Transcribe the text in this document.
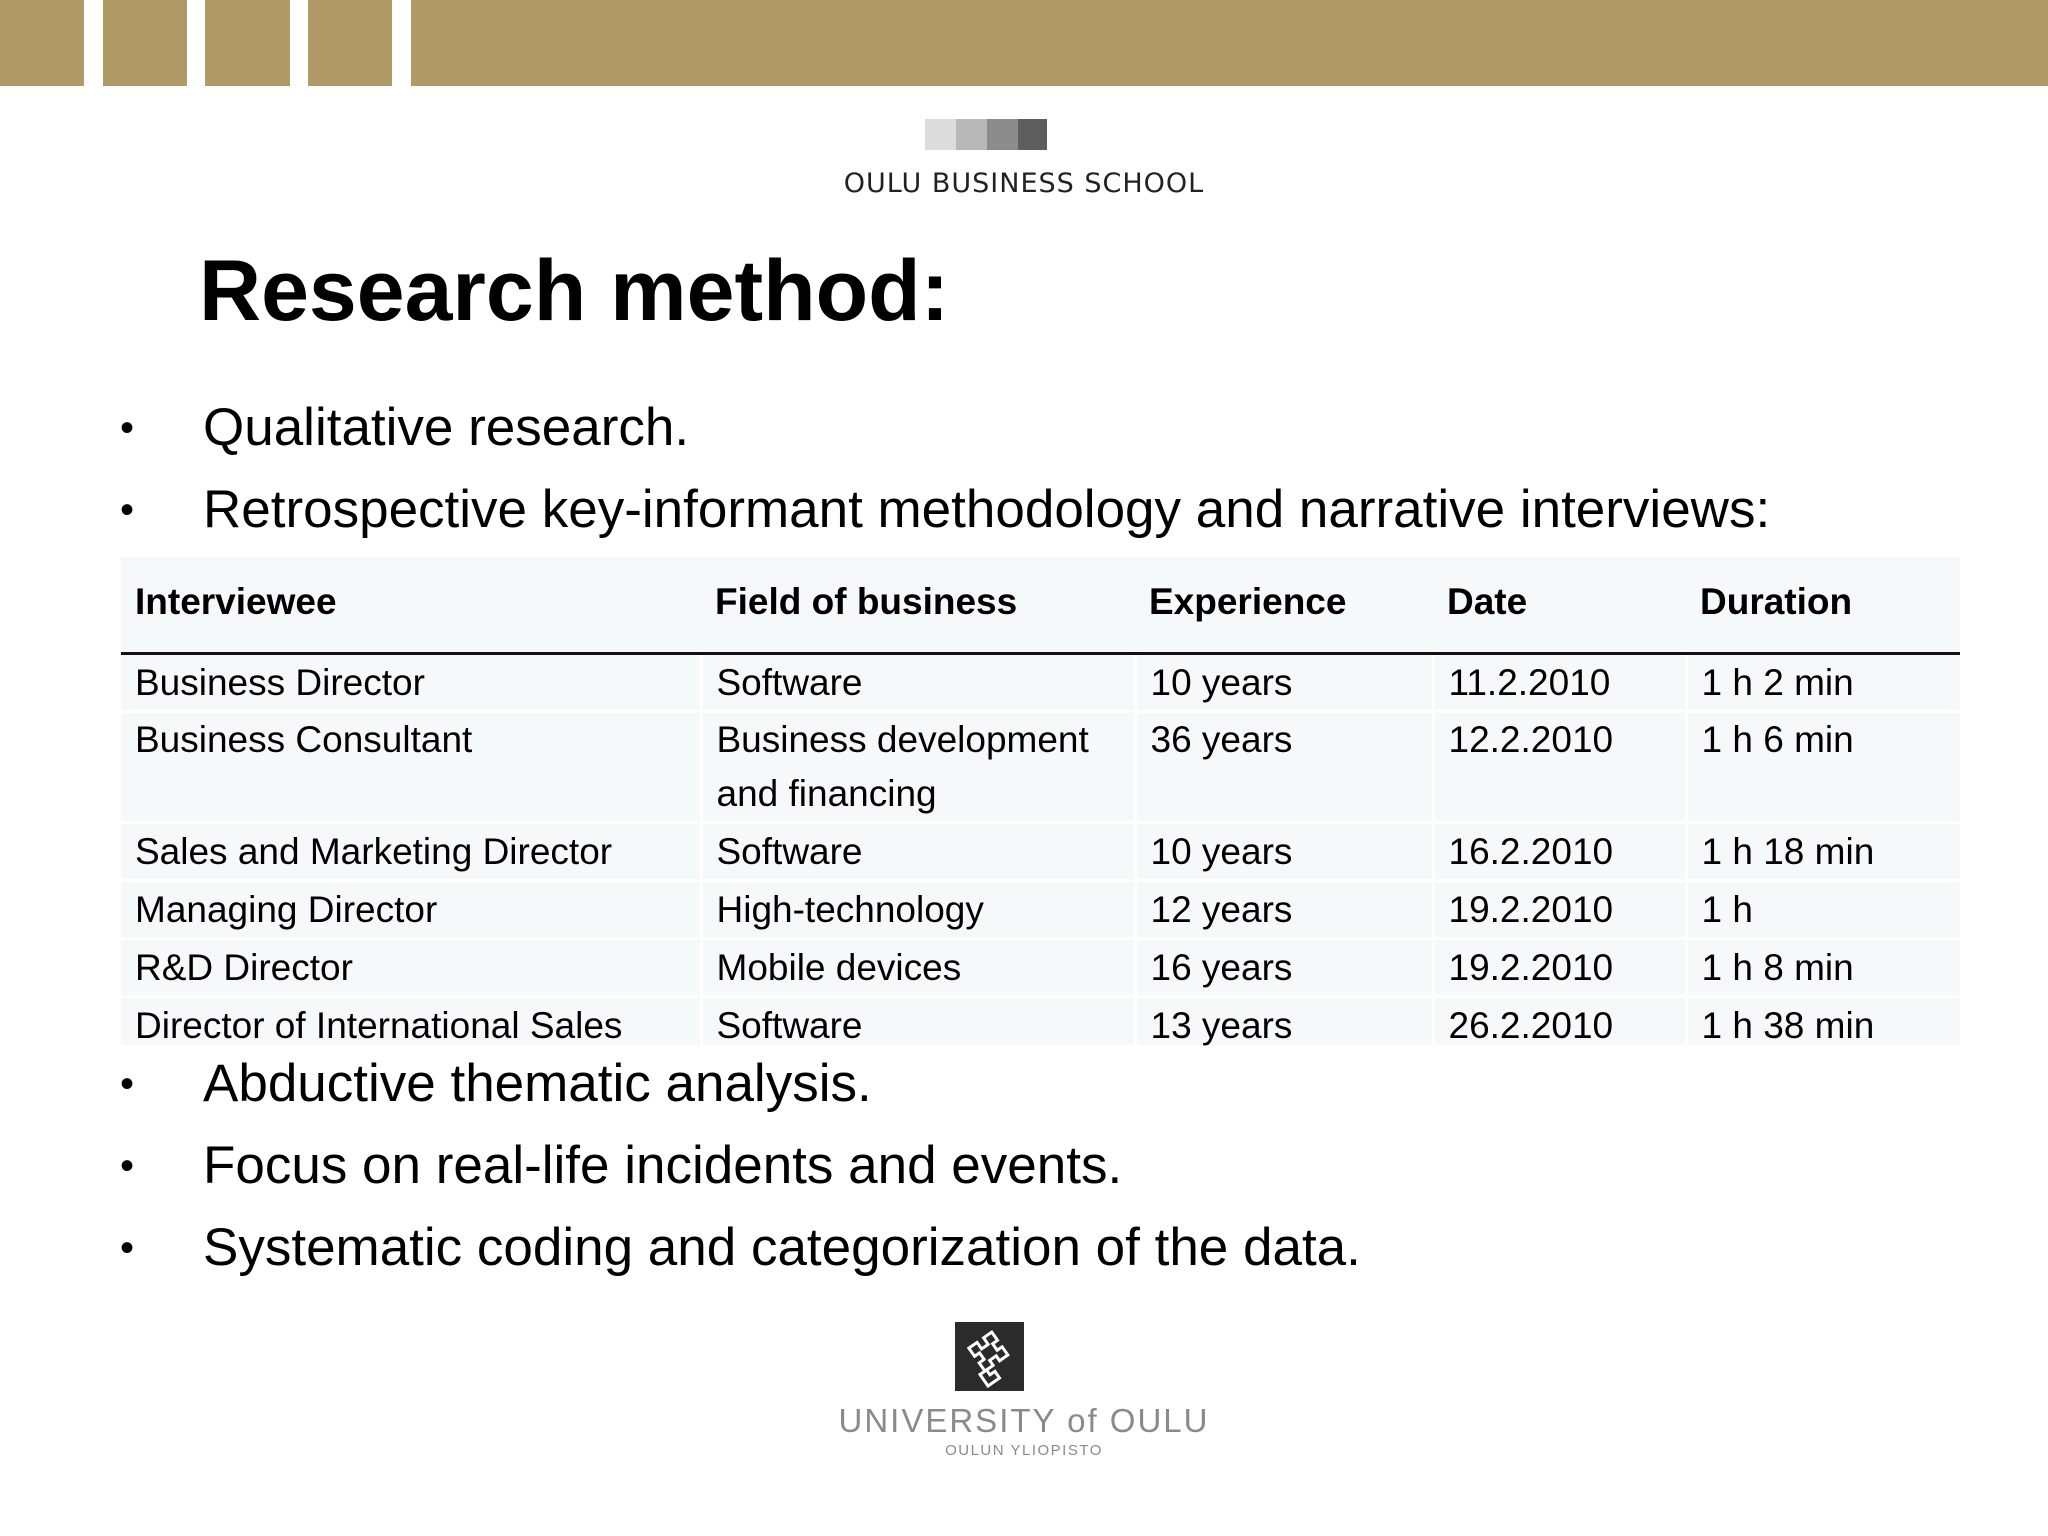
OULU BUSINESS SCHOOL
Research method:
• Qualitative research.
• Retrospective key-informant methodology and narrative interviews:
Interviewee	Field of business	Experience	Date	Duration
Business Director	Software	10 years	11.2.2010	1 h 2 min
Business Consultant	Business development and financing	36 years	12.2.2010	1 h 6 min
Sales and Marketing Director	Software	10 years	16.2.2010	1 h 18 min
Managing Director	High-technology	12 years	19.2.2010	1 h
R&D Director	Mobile devices	16 years	19.2.2010	1 h 8 min
Director of International Sales	Software	13 years	26.2.2010	1 h 38 min
• Abductive thematic analysis.
• Focus on real-life incidents and events.
• Systematic coding and categorization of the data.
UNIVERSITY of OULU
OULUN YLIOPISTO
